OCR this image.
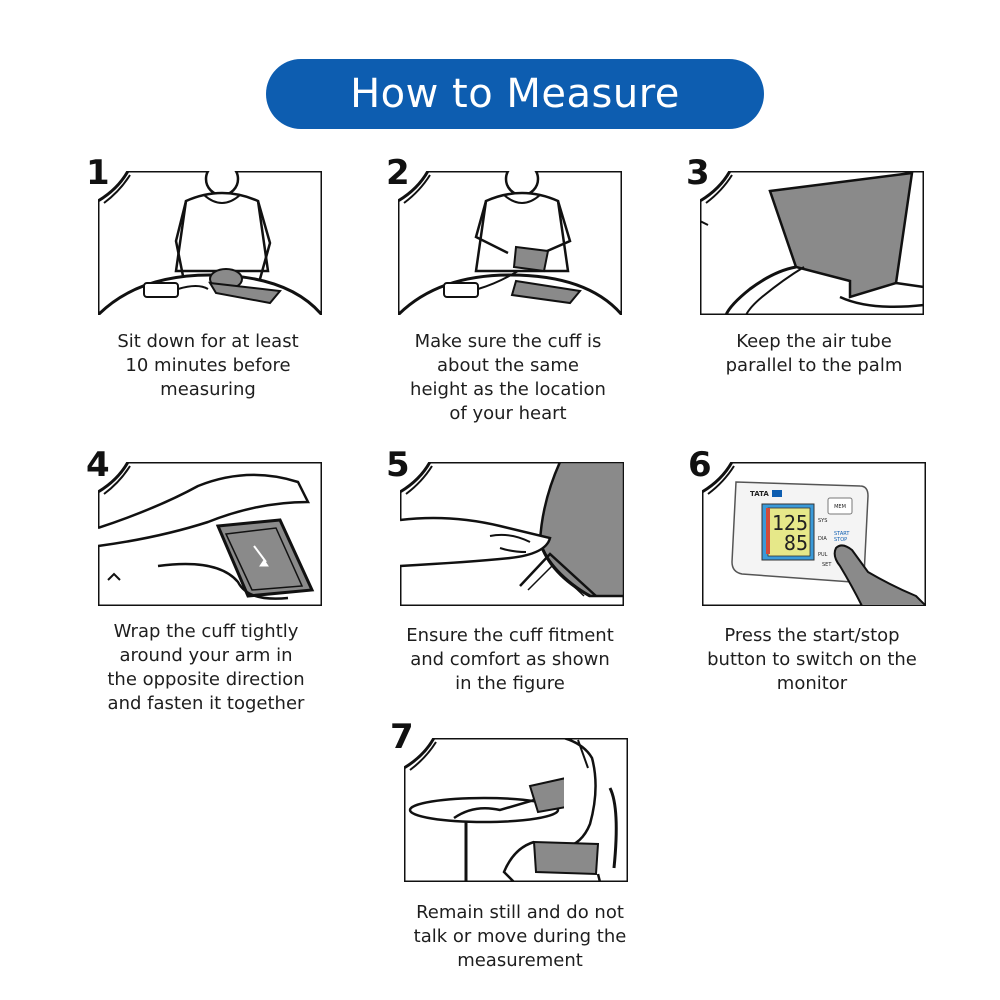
How to Measure
1
Sit down for at least
10 minutes before
measuring
2
Make sure the cuff is
about the same
height as the location
of your heart
3
Keep the air tube
parallel to the palm
4
Wrap the cuff tightly
around your arm in
the opposite direction
and fasten it together
5
Ensure the cuff fitment
and comfort as shown
in the figure
6
TATA
125
85
SYS
DIA
PUL
MEM
START
STOP
SET
Press the start/stop
button to switch on the
monitor
7
Remain still and do not
talk or move during the
measurement
